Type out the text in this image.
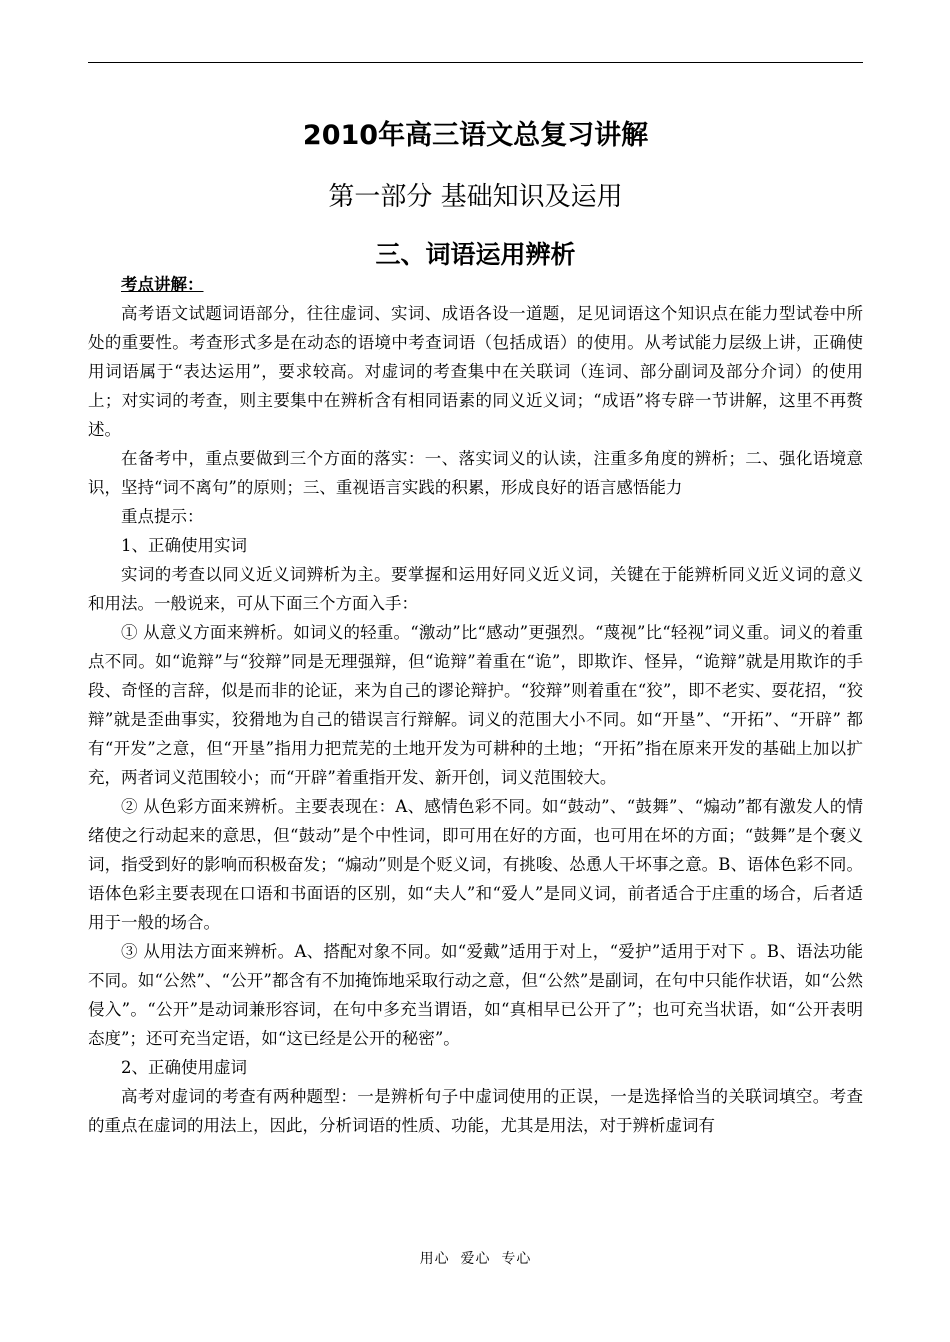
2010年高三语文总复习讲解
第一部分 基础知识及运用
三、词语运用辨析

考点讲解：

高考语文试题词语部分，往往虚词、实词、成语各设一道题，足见词语这个知识点在能力型试卷中所处的重要性。考查形式多是在动态的语境中考查词语（包括成语）的使用。从考试能力层级上讲，正确使用词语属于“表达运用”，要求较高。对虚词的考查集中在关联词（连词、部分副词及部分介词）的使用上；对实词的考查，则主要集中在辨析含有相同语素的同义近义词；“成语”将专辟一节讲解，这里不再赘述。

在备考中，重点要做到三个方面的落实：一、落实词义的认读，注重多角度的辨析；二、强化语境意识，坚持“词不离句”的原则；三、重视语言实践的积累，形成良好的语言感悟能力

重点提示：

1、正确使用实词

实词的考查以同义近义词辨析为主。要掌握和运用好同义近义词，关键在于能辨析同义近义词的意义和用法。一般说来，可从下面三个方面入手：

① 从意义方面来辨析。如词义的轻重。“激动”比“感动”更强烈。“蔑视”比“轻视”词义重。词义的着重点不同。如“诡辩”与“狡辩”同是无理强辩，但“诡辩”着重在“诡”，即欺诈、怪异，“诡辩”就是用欺诈的手段、奇怪的言辞，似是而非的论证，来为自己的谬论辩护。“狡辩”则着重在“狡”，即不老实、耍花招，“狡辩”就是歪曲事实，狡猾地为自己的错误言行辩解。词义的范围大小不同。如“开垦”、“开拓”、“开辟” 都有“开发”之意，但“开垦”指用力把荒芜的土地开发为可耕种的土地；“开拓”指在原来开发的基础上加以扩充，两者词义范围较小；而“开辟”着重指开发、新开创，词义范围较大。

② 从色彩方面来辨析。主要表现在：A、感情色彩不同。如“鼓动”、“鼓舞”、“煽动”都有激发人的情绪使之行动起来的意思，但“鼓动”是个中性词，即可用在好的方面，也可用在坏的方面；“鼓舞”是个褒义词，指受到好的影响而积极奋发；“煽动”则是个贬义词，有挑唆、怂恿人干坏事之意。B、语体色彩不同。语体色彩主要表现在口语和书面语的区别，如“夫人”和“爱人”是同义词，前者适合于庄重的场合，后者适用于一般的场合。

③ 从用法方面来辨析。A、搭配对象不同。如“爱戴”适用于对上，“爱护”适用于对下 。B、语法功能不同。如“公然”、“公开”都含有不加掩饰地采取行动之意，但“公然”是副词，在句中只能作状语，如“公然侵入”。“公开”是动词兼形容词，在句中多充当谓语，如“真相早已公开了”；也可充当状语，如“公开表明态度”；还可充当定语，如“这已经是公开的秘密”。

2、正确使用虚词

高考对虚词的考查有两种题型：一是辨析句子中虚词使用的正误，一是选择恰当的关联词填空。考查的重点在虚词的用法上，因此，分析词语的性质、功能，尤其是用法，对于辨析虚词有

用心  爱心  专心
